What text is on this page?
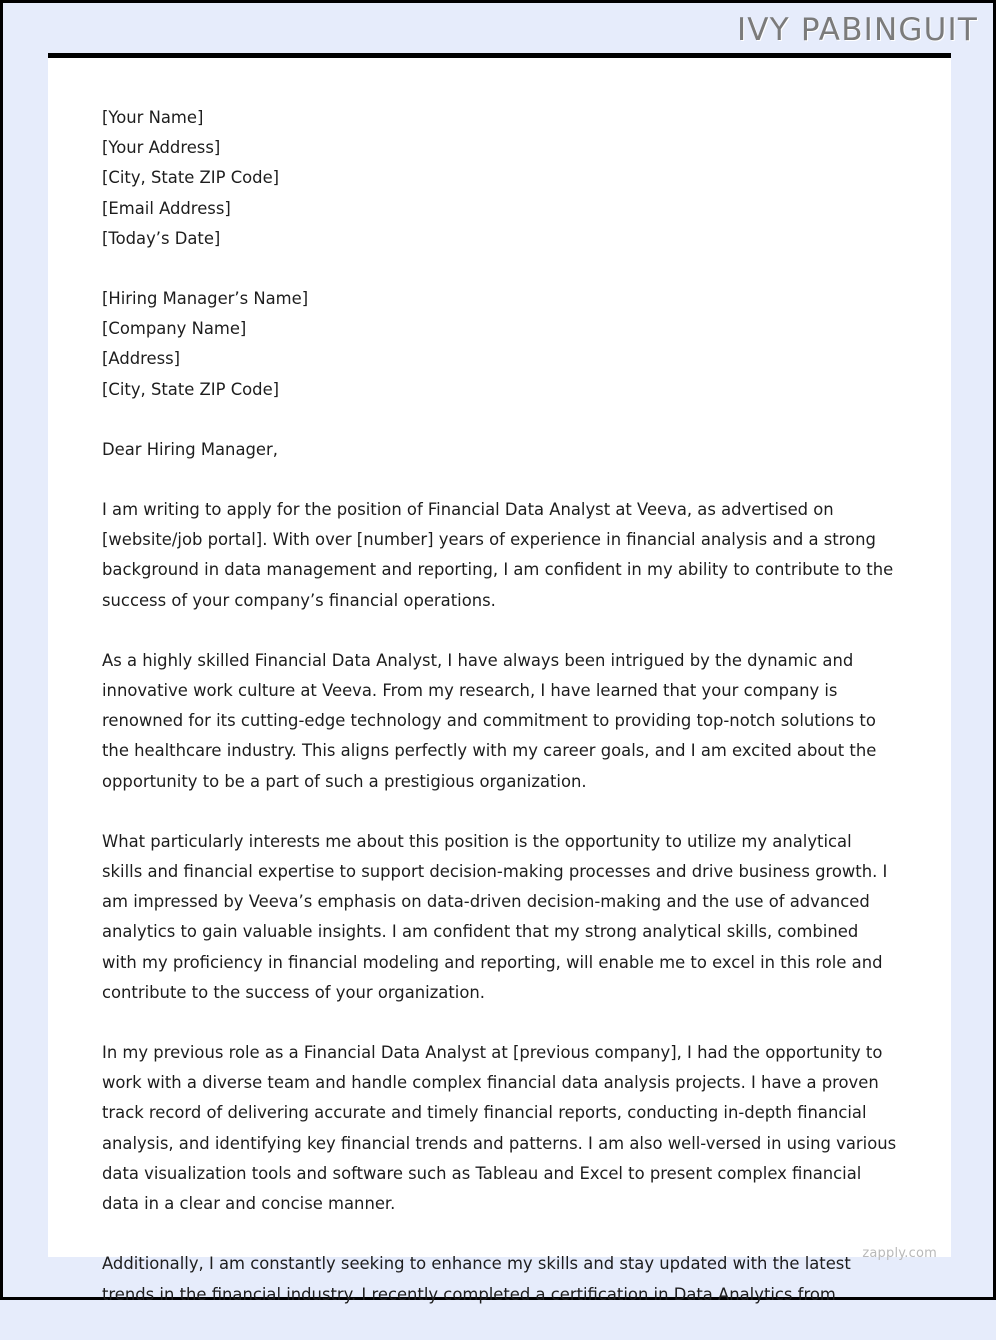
IVY PABINGUIT
[Your Name]
[Your Address]
[City, State ZIP Code]
[Email Address]
[Today’s Date]
[Hiring Manager’s Name]
[Company Name]
[Address]
[City, State ZIP Code]
Dear Hiring Manager,

I am writing to apply for the position of Financial Data Analyst at Veeva, as advertised on [website/job portal]. With over [number] years of experience in financial analysis and a strong background in data management and reporting, I am confident in my ability to contribute to the success of your company’s financial operations.

As a highly skilled Financial Data Analyst, I have always been intrigued by the dynamic and innovative work culture at Veeva. From my research, I have learned that your company is renowned for its cutting-edge technology and commitment to providing top-notch solutions to the healthcare industry. This aligns perfectly with my career goals, and I am excited about the opportunity to be a part of such a prestigious organization.

What particularly interests me about this position is the opportunity to utilize my analytical skills and financial expertise to support decision-making processes and drive business growth. I am impressed by Veeva’s emphasis on data-driven decision-making and the use of advanced analytics to gain valuable insights. I am confident that my strong analytical skills, combined with my proficiency in financial modeling and reporting, will enable me to excel in this role and contribute to the success of your organization.

In my previous role as a Financial Data Analyst at [previous company], I had the opportunity to work with a diverse team and handle complex financial data analysis projects. I have a proven track record of delivering accurate and timely financial reports, conducting in-depth financial analysis, and identifying key financial trends and patterns. I am also well-versed in using various data visualization tools and software such as Tableau and Excel to present complex financial data in a clear and concise manner.

Additionally, I am constantly seeking to enhance my skills and stay updated with the latest trends in the financial industry. I recently completed a certification in Data Analytics from

zapply.com
